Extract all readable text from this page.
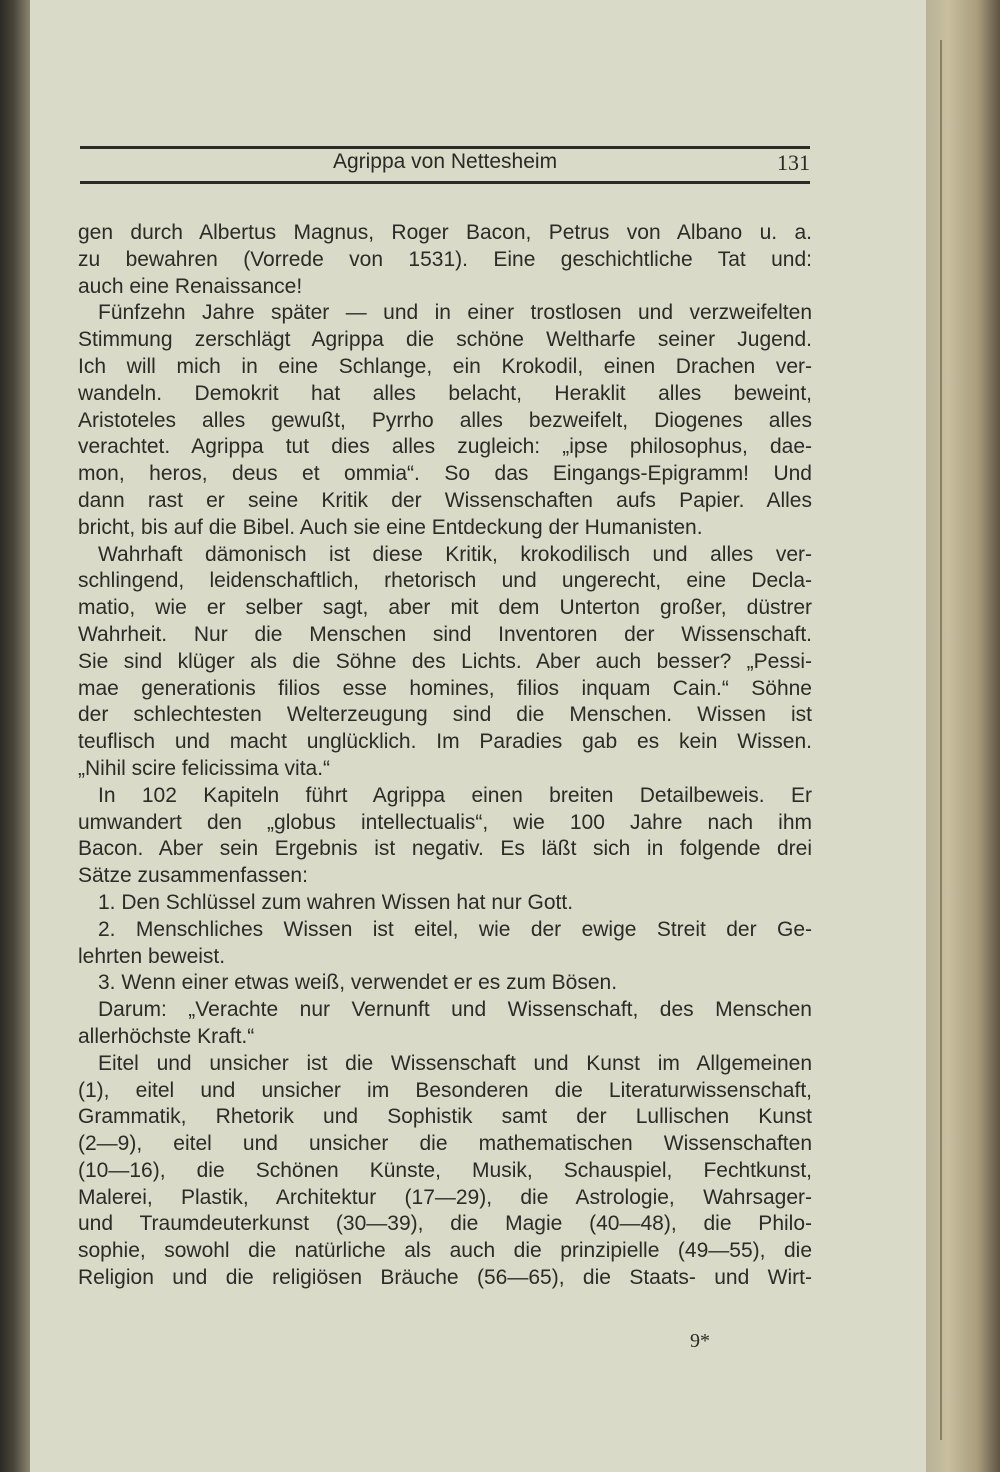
Agrippa von Nettesheim	131
gen durch Albertus Magnus, Roger Bacon, Petrus von Albano u. a.
zu bewahren (Vorrede von 1531). Eine geschichtliche Tat und:
auch eine Renaissance!
Fünfzehn Jahre später — und in einer trostlosen und verzweifelten
Stimmung zerschlägt Agrippa die schöne Weltharfe seiner Jugend.
Ich will mich in eine Schlange, ein Krokodil, einen Drachen ver-
wandeln. Demokrit hat alles belacht, Heraklit alles beweint,
Aristoteles alles gewußt, Pyrrho alles bezweifelt, Diogenes alles
verachtet. Agrippa tut dies alles zugleich: „ipse philosophus, dae-
mon, heros, deus et ommia“. So das Eingangs-Epigramm! Und
dann rast er seine Kritik der Wissenschaften aufs Papier. Alles
bricht, bis auf die Bibel. Auch sie eine Entdeckung der Humanisten.
Wahrhaft dämonisch ist diese Kritik, krokodilisch und alles ver-
schlingend, leidenschaftlich, rhetorisch und ungerecht, eine Decla-
matio, wie er selber sagt, aber mit dem Unterton großer, düstrer
Wahrheit. Nur die Menschen sind Inventoren der Wissenschaft.
Sie sind klüger als die Söhne des Lichts. Aber auch besser? „Pessi-
mae generationis filios esse homines, filios inquam Cain.“ Söhne
der schlechtesten Welterzeugung sind die Menschen. Wissen ist
teuflisch und macht unglücklich. Im Paradies gab es kein Wissen.
„Nihil scire felicissima vita.“
In 102 Kapiteln führt Agrippa einen breiten Detailbeweis. Er
umwandert den „globus intellectualis“, wie 100 Jahre nach ihm
Bacon. Aber sein Ergebnis ist negativ. Es läßt sich in folgende drei
Sätze zusammenfassen:
1. Den Schlüssel zum wahren Wissen hat nur Gott.
2. Menschliches Wissen ist eitel, wie der ewige Streit der Ge-
lehrten beweist.
3. Wenn einer etwas weiß, verwendet er es zum Bösen.
Darum: „Verachte nur Vernunft und Wissenschaft, des Menschen
allerhöchste Kraft.“
Eitel und unsicher ist die Wissenschaft und Kunst im Allgemeinen
(1), eitel und unsicher im Besonderen die Literaturwissenschaft,
Grammatik, Rhetorik und Sophistik samt der Lullischen Kunst
(2—9), eitel und unsicher die mathematischen Wissenschaften
(10—16), die Schönen Künste, Musik, Schauspiel, Fechtkunst,
Malerei, Plastik, Architektur (17—29), die Astrologie, Wahrsager-
und Traumdeuterkunst (30—39), die Magie (40—48), die Philo-
sophie, sowohl die natürliche als auch die prinzipielle (49—55), die
Religion und die religiösen Bräuche (56—65), die Staats- und Wirt-
9*
